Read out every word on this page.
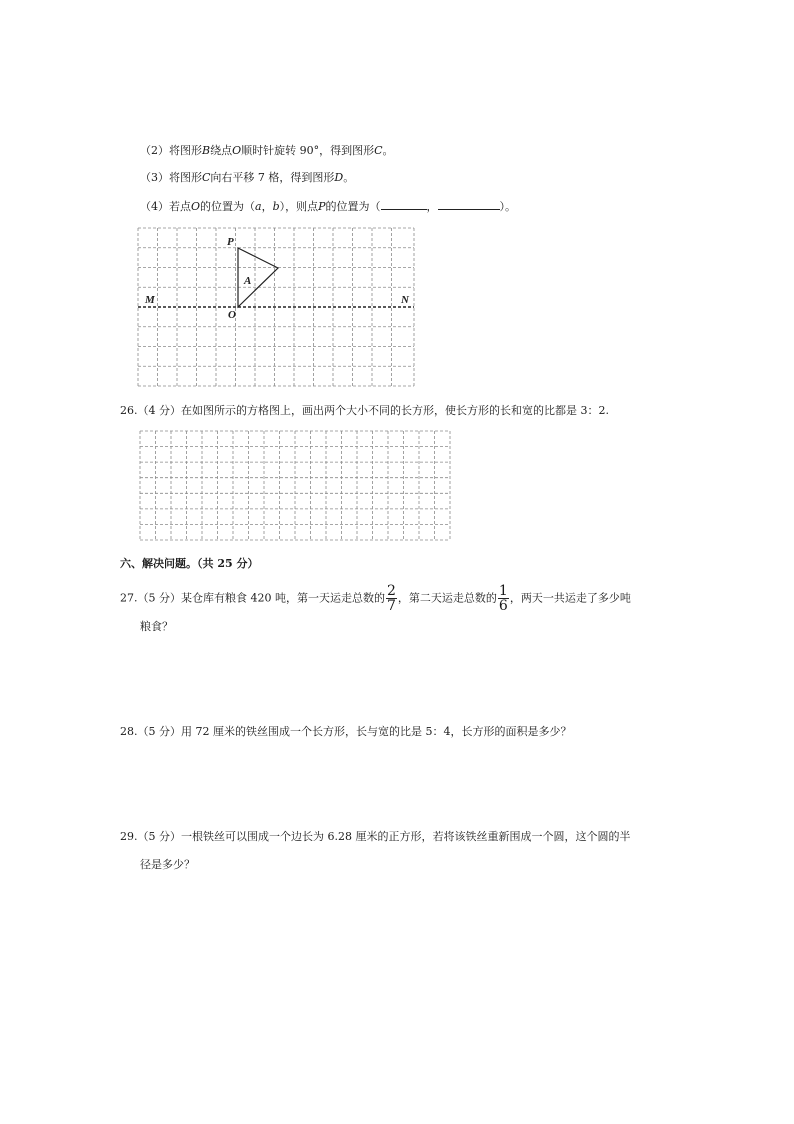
（2）将图形B绕点O顺时针旋转 90°，得到图形C。
（3）将图形C向右平移 7 格，得到图形D。
（4）若点O的位置为（a，b），则点P的位置为（	，	）。
P
A
O
M	N
26.（4 分）在如图所示的方格图上，画出两个大小不同的长方形，使长方形的长和宽的比都是 3：2.
六、解决问题。（共 25 分）
27.（5 分）某仓库有粮食 420 吨，第一天运走总数的 $\frac{2}{7}$ ，第二天运走总数的 $\frac{1}{6}$ ，两天一共运走了多少吨
粮食？
28.（5 分）用 72 厘米的铁丝围成一个长方形，长与宽的比是 5：4，长方形的面积是多少？
29.（5 分）一根铁丝可以围成一个边长为 6.28 厘米的正方形，若将该铁丝重新围成一个圆，这个圆的半
径是多少？
